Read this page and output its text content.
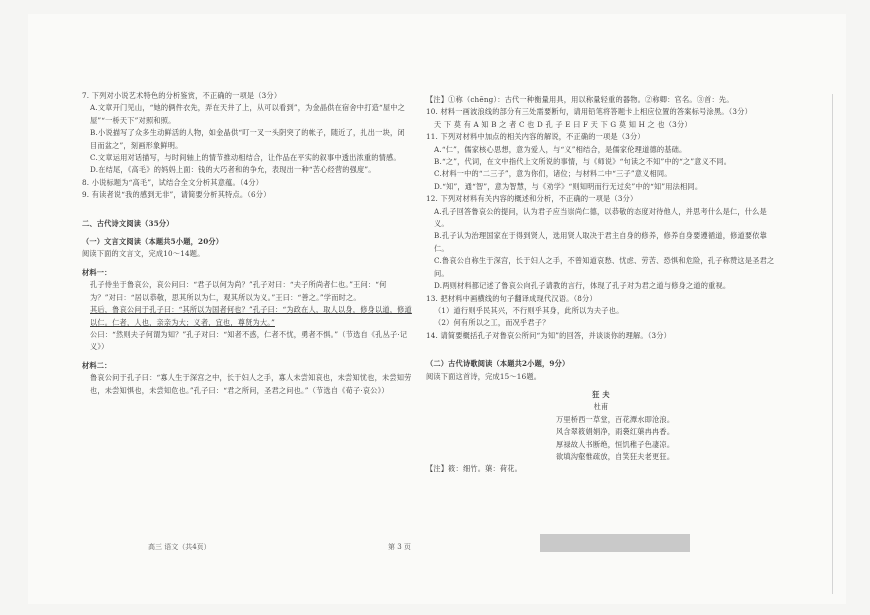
7. 下列对小说艺术特色的分析鉴赏，不正确的一项是（3分）

A.文章开门见山，“她的俩件衣先，弄在天井了上，从可以看到”，为金晶供在宿舍中打造“屋中之屋”“一桥天下”对照和照。

B.小说描写了众多生动鲜活的人物，如金晶供“叮一叉一头阴突了的帐子，随近了，扎出一块，闭目而盆之”，刻画形象鲜明。

C.文章运用对话描写，与时间轴上的情节推动相结合，让作品在平实的叙事中透出浓重的情感。

D.在结尾，《高毛》的妈妈上面：钱的大巧者和的争允，表现出一种“苦心经营的强度”。

8. 小说标题为“高毛”，试结合全文分析其意蕴。（4分）

9. 有读者说“我的感到无非”，请简要分析其特点。（6分）

二、古代诗文阅读（35分）

（一）文言文阅读（本题共5小题，20分）

阅读下面的文言文，完成10～14题。

材料一：

孔子侍坐于鲁哀公，哀公问曰：“君子以何为尚？”孔子对曰：“夫子所尚者仁也。”王问：“何为？”对曰：“居以恭敬，思其所以为仁，观其所以为义。”王曰：“善之。”学而时之。

其后，鲁哀公问于孔子曰：“其所以为国者何也？”孔子曰：“为政在人，取人以身，修身以道，修道以仁。仁者，人也，亲亲为大；义者，宜也，尊贤为大。”

公曰：“然则夫子何谓为知？”孔子对曰：“知者不惑，仁者不忧，勇者不惧。”（节选自《孔丛子·记义》）

材料二：

鲁哀公问于孔子曰：“寡人生于深宫之中，长于妇人之手，寡人未尝知哀也，未尝知忧也，未尝知劳也，未尝知惧也，未尝知危也。”孔子曰：“君之所问，圣君之问也。”（节选自《荀子·哀公》）

【注】①称（chēng）：古代一种衡量用具，用以称量轻重的器物。②称卿：官名。③首：先。

10. 材料一画波浪线的部分有三处需要断句，请用铅笔将答题卡上相应位置的答案标号涂黑。（3分）

天 下 莫 有 A 知 B 之 者 C 也 D 孔 子 E 曰 F 天 下 G 莫 知 H 之 也（3分）

11. 下列对材料中加点的相关内容的解说，不正确的一项是（3分）

A.“仁”，儒家核心思想，意为爱人，与“义”相结合，是儒家伦理道德的基础。

B.“之”，代词，在文中指代上文所说的事情，与《师说》“句读之不知”中的“之”意义不同。

C.材料一中的“二三子”，意为你们，诸位；与材料二中“三子”意义相同。

D.“知”，通“智”，意为智慧，与《劝学》“则知明而行无过矣”中的“知”用法相同。

12. 下列对材料有关内容的概述和分析，不正确的一项是（3分）

A.孔子回答鲁哀公的提问，认为君子应当崇尚仁德，以恭敬的态度对待他人，并思考什么是仁，什么是义。

B.孔子认为治理国家在于得到贤人，选用贤人取决于君主自身的修养，修养自身要遵循道，修道要依靠仁。

C.鲁哀公自称生于深宫，长于妇人之手，不曾知道哀愁、忧虑、劳苦、恐惧和危险，孔子称赞这是圣君之问。

D.两则材料都记述了鲁哀公向孔子请教的言行，体现了孔子对为君之道与修身之道的重视。

13. 把材料中画横线的句子翻译成现代汉语。（8分）

（1）道行则乎民其兴，不行则乎其身，此所以为夫子也。

（2）何有所以之工，而况乎君子？

14. 请简要概括孔子对鲁哀公所问“为知”的回答，并谈谈你的理解。（3分）

（二）古代诗歌阅读（本题共2小题，9分）

阅读下面这首诗，完成15～16题。

狂 夫

杜甫

万里桥西一草堂，百花潭水即沧浪。

风含翠筱娟娟净，雨裛红蕖冉冉香。

厚禄故人书断绝，恒饥稚子色凄凉。

欲填沟壑惟疏放，自笑狂夫老更狂。

【注】筱：细竹。蕖：荷花。

高三 语文（共4页）	第 3 页
